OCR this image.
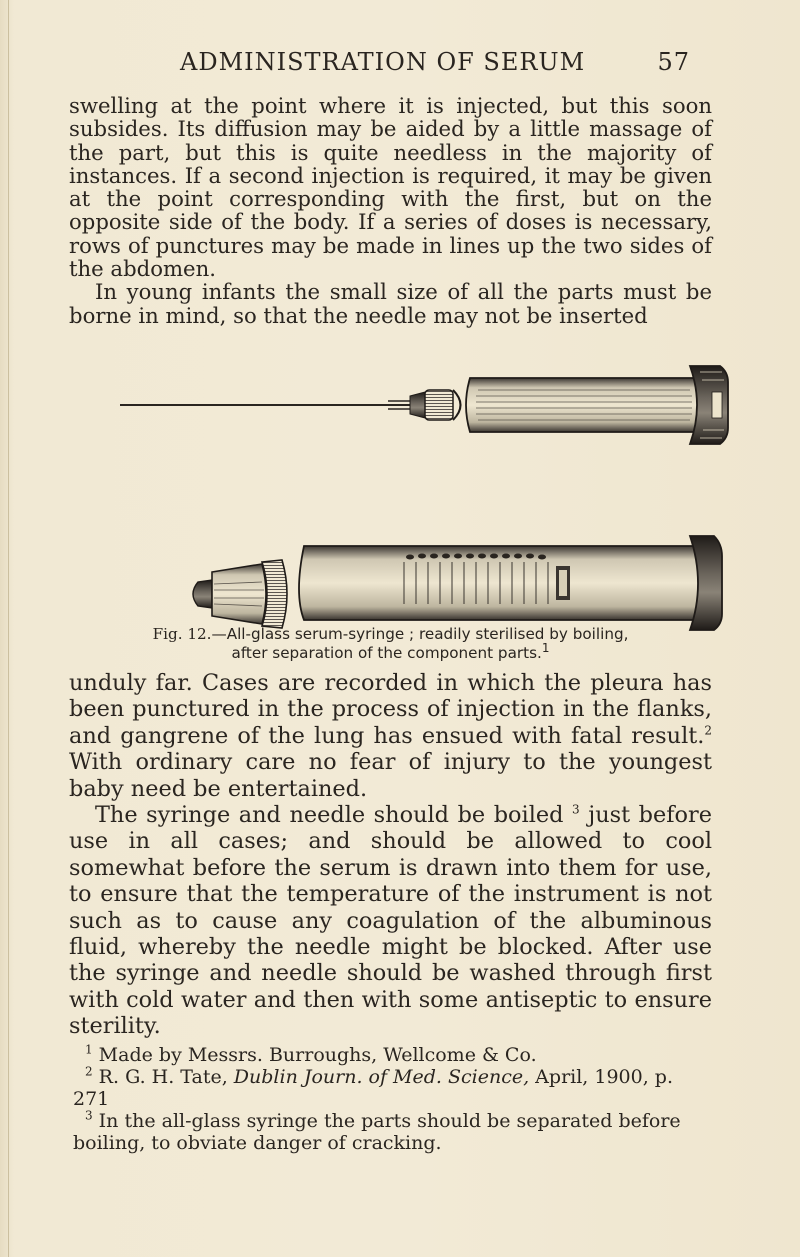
ADMINISTRATION OF SERUM	57

swelling at the point where it is injected, but this soon subsides. Its diffusion may be aided by a little massage of the part, but this is quite needless in the majority of instances. If a second injection is required, it may be given at the point corresponding with the first, but on the opposite side of the body. If a series of doses is necessary, rows of punctures may be made in lines up the two sides of the abdomen.

In young infants the small size of all the parts must be borne in mind, so that the needle may not be inserted

Fig. 12.—All-glass serum-syringe ; readily sterilised by boiling,
after separation of the component parts.$^1$

unduly far. Cases are recorded in which the pleura has been punctured in the process of injection in the flanks, and gangrene of the lung has ensued with fatal result.$^2$ With ordinary care no fear of injury to the youngest baby need be entertained.

The syringe and needle should be boiled $^3$ just before use in all cases; and should be allowed to cool somewhat before the serum is drawn into them for use, to ensure that the temperature of the instrument is not such as to cause any coagulation of the albuminous fluid, whereby the needle might be blocked. After use the syringe and needle should be washed through first with cold water and then with some antiseptic to ensure sterility.

$^1$ Made by Messrs. Burroughs, Wellcome & Co.

$^2$ R. G. H. Tate, Dublin Journ. of Med. Science, April, 1900, p. 271

$^3$ In the all-glass syringe the parts should be separated before boiling, to obviate danger of cracking.
